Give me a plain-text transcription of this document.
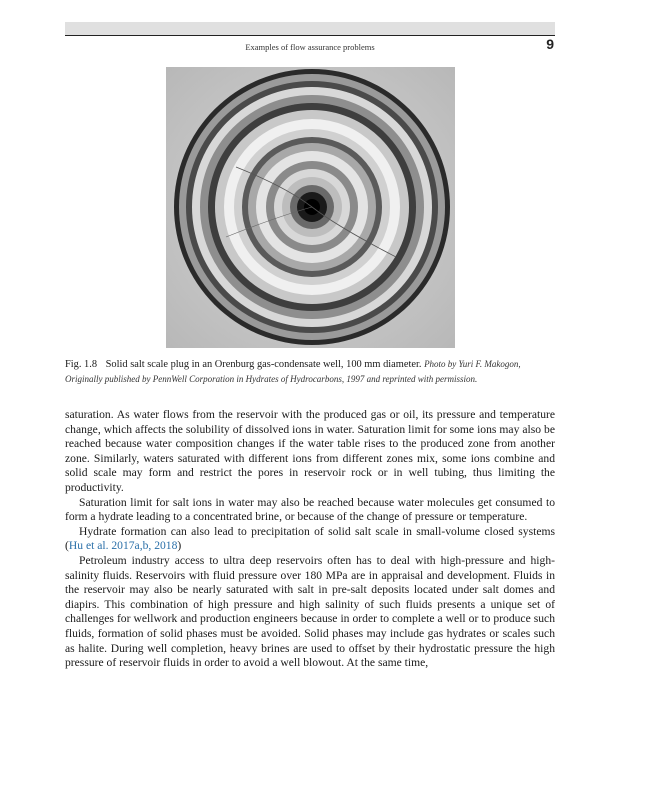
Examples of flow assurance problems	9
Fig. 1.8 Solid salt scale plug in an Orenburg gas-condensate well, 100 mm diameter. Photo by Yuri F. Makogon, Originally published by PennWell Corporation in Hydrates of Hydrocarbons, 1997 and reprinted with permission.

saturation. As water flows from the reservoir with the produced gas or oil, its pressure and temperature change, which affects the solubility of dissolved ions in water. Saturation limit for some ions may also be reached because water composition changes if the water table rises to the produced zone from another zone. Similarly, waters saturated with different ions from different zones mix, some ions combine and solid scale may form and restrict the pores in reservoir rock or in well tubing, thus limiting the productivity.

Saturation limit for salt ions in water may also be reached because water molecules get consumed to form a hydrate leading to a concentrated brine, or because of the change of pressure or temperature.

Hydrate formation can also lead to precipitation of solid salt scale in small-volume closed systems (Hu et al. 2017a,b, 2018)

Petroleum industry access to ultra deep reservoirs often has to deal with high-pressure and high-salinity fluids. Reservoirs with fluid pressure over 180 MPa are in appraisal and development. Fluids in the reservoir may also be nearly saturated with salt in pre-salt deposits located under salt domes and diapirs. This combination of high pressure and high salinity of such fluids presents a unique set of challenges for wellwork and production engineers because in order to complete a well or to produce such fluids, formation of solid phases must be avoided. Solid phases may include gas hydrates or scales such as halite. During well completion, heavy brines are used to offset by their hydrostatic pressure the high pressure of reservoir fluids in order to avoid a well blowout. At the same time,
